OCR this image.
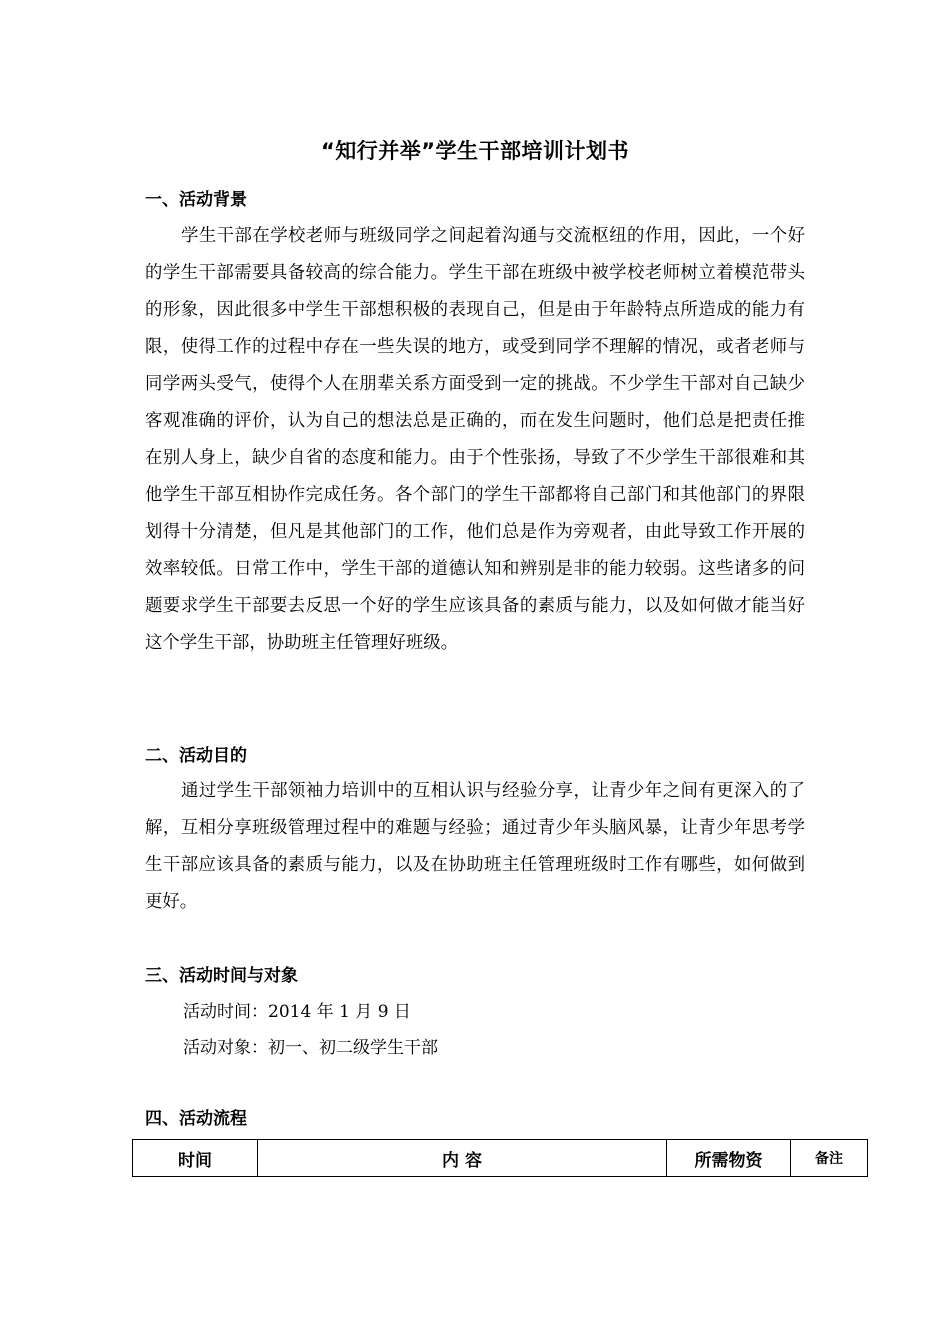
“知行并举”学生干部培训计划书
一、活动背景

学生干部在学校老师与班级同学之间起着沟通与交流枢纽的作用，因此，一个好的学生干部需要具备较高的综合能力。学生干部在班级中被学校老师树立着模范带头的形象，因此很多中学生干部想积极的表现自己，但是由于年龄特点所造成的能力有限，使得工作的过程中存在一些失误的地方，或受到同学不理解的情况，或者老师与同学两头受气，使得个人在朋辈关系方面受到一定的挑战。不少学生干部对自己缺少客观准确的评价，认为自己的想法总是正确的，而在发生问题时，他们总是把责任推在别人身上，缺少自省的态度和能力。由于个性张扬，导致了不少学生干部很难和其他学生干部互相协作完成任务。各个部门的学生干部都将自己部门和其他部门的界限划得十分清楚，但凡是其他部门的工作，他们总是作为旁观者，由此导致工作开展的效率较低。日常工作中，学生干部的道德认知和辨别是非的能力较弱。这些诸多的问题要求学生干部要去反思一个好的学生应该具备的素质与能力，以及如何做才能当好这个学生干部，协助班主任管理好班级。

二、活动目的

通过学生干部领袖力培训中的互相认识与经验分享，让青少年之间有更深入的了解，互相分享班级管理过程中的难题与经验；通过青少年头脑风暴，让青少年思考学生干部应该具备的素质与能力，以及在协助班主任管理班级时工作有哪些，如何做到更好。

三、活动时间与对象
活动时间：2014 年 1 月 9 日
活动对象：初一、初二级学生干部
四、活动流程
时间	内 容	所需物资	备注
